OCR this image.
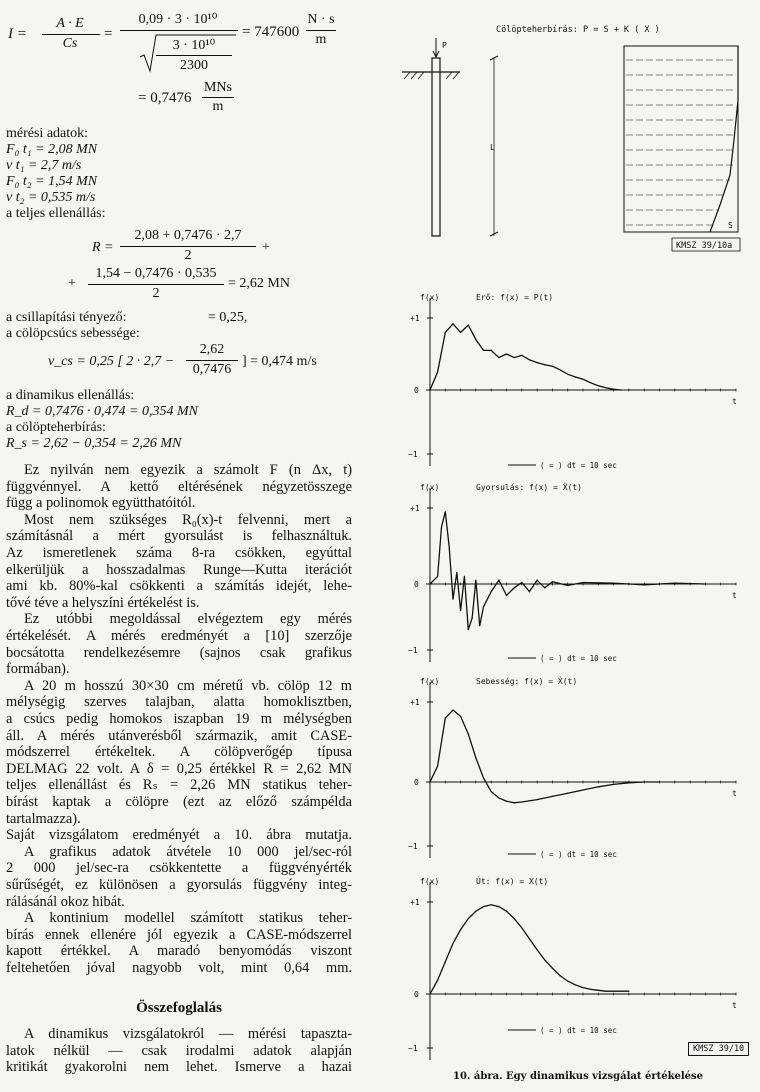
I =
A · E
Cs
=
0,09 · 3 · 10¹⁰
3 · 10¹⁰
2300
= 747600
N · s
m
= 0,7476
MNs
m
mérési adatok:
F₀ t₁ = 2,08 MN
v t₁ = 2,7 m/s
F₀ t₂ = 1,54 MN
v t₂ = 0,535 m/s
a teljes ellenállás:
R =
2,08 + 0,7476 · 2,7
2
+
+
1,54 − 0,7476 · 0,535
2
= 2,62 MN
a csillapítási tényező:	= 0,25,
a cölöpcsúcs sebessége:
v_cs = 0,25 [ 2 · 2,7 −
2,62
0,7476
] = 0,474 m/s
a dinamikus ellenállás:
R_d = 0,7476 · 0,474 = 0,354 MN
a cölöpteherbírás:
R_s = 2,62 − 0,354 = 2,26 MN
Ez nyilván nem egyezik a számolt F (n Δx, t)
függvénnyel. A kettő eltérésének négyzetösszege
függ a polinomok együtthatóitól.
Most nem szükséges R₀(x)-t felvenni, mert a
számításnál a mért gyorsulást is felhasználtuk.
Az ismeretlenek száma 8-ra csökken, egyúttal
elkerüljük a hosszadalmas Runge—Kutta iterációt
ami kb. 80%-kal csökkenti a számítás idejét, lehe-
tővé téve a helyszíni értékelést is.
Ez utóbbi megoldással elvégeztem egy mérés
értékelését. A mérés eredményét a [10] szerzője
bocsátotta rendelkezésemre (sajnos csak grafikus
formában).
A 20 m hosszú 30×30 cm méretű vb. cölöp 12 m
mélységig szerves talajban, alatta homoklisztben,
a csúcs pedig homokos iszapban 19 m mélységben
áll. A mérés utánverésből származik, amit CASE-
módszerrel értékeltek. A cölöpverőgép típusa
DELMAG 22 volt. A δ = 0,25 értékkel R = 2,62 MN
teljes ellenállást és Rₛ = 2,26 MN statikus teher-
bírást kaptak a cölöpre (ezt az előző számpélda
tartalmazza).
Saját vizsgálatom eredményét a 10. ábra mutatja.
A grafikus adatok átvétele 10 000 jel/sec-ról
2 000 jel/sec-ra csökkentette a függvényérték
sűrűségét, ez különösen a gyorsulás függvény integ-
rálásánál okoz hibát.
A kontinium modellel számított statikus teher-
bírás ennek ellenére jól egyezik a CASE-módszerrel
kapott értékkel. A maradó benyomódás viszont
feltehetően jóval nagyobb volt, mint 0,64 mm.
Összefoglalás
A dinamikus vizsgálatokról — mérési tapaszta-
latok nélkül — csak irodalmi adatok alapján
kritikát gyakorolni nem lehet. Ismerve a hazai
Cölöpteherbírás: P = S + K ( X )
P
L
S
KMSZ 39/10a
f(x)	Erő: f(x) = P(t)
+1
0
−1
t
( = ) dt = 10 sec
f(x)	Gyorsulás: f(x) = Ẍ(t)
+1
0
−1
t
( = ) dt = 10 sec
f(x)	Sebesség: f(x) = Ẋ(t)
+1
0
−1
t
( = ) dt = 10 sec
f(x)	Út: f(x) = X(t)
+1
0
−1
t
( = ) dt = 10 sec
KMSZ 39/10
10. ábra. Egy dinamikus vizsgálat értékelése
